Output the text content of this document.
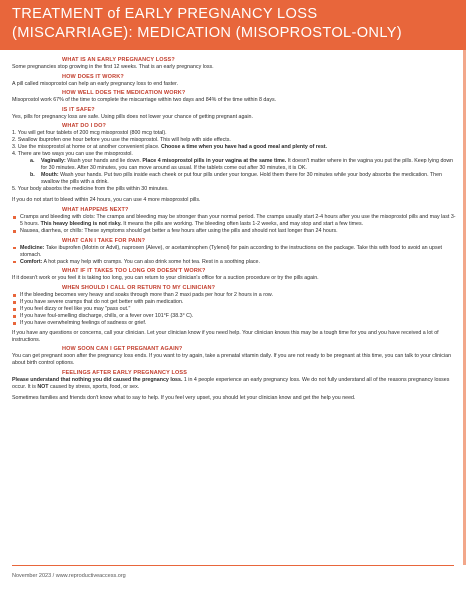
TREATMENT of EARLY PREGNANCY LOSS
(MISCARRIAGE): MEDICATION (MISOPROSTOL-ONLY)
WHAT IS AN EARLY PREGNANCY LOSS?
Some pregnancies stop growing in the first 12 weeks. That is an early pregnancy loss.
HOW DOES IT WORK?
A pill called misoprostol can help an early pregnancy loss to end faster.
HOW WELL DOES THE MEDICATION WORK?
Misoprostol work 67% of the time to complete the miscarriage within two days and 84% of the time within 8 days.
IS IT SAFE?
Yes, pills for pregnancy loss are safe. Using pills does not lower your chance of getting pregnant again.
WHAT DO I DO?
1. You will get four tablets of 200 mcg misoprostol (800 mcg total).
2. Swallow ibuprofen one hour before you use the misoprostol. This will help with side effects.
3. Use the misoprostol at home or at another convenient place. Choose a time when you have had a good meal and plenty of rest.
4. There are two ways you can use the misoprostol.
a.	Vaginally: Wash your hands and lie down. Place 4 misoprostol pills in your vagina at the same time. It doesn't matter where in the vagina you put the pills. Keep lying down for 30 minutes. After 30 minutes, you can move around as usual. If the tablets come out after 30 minutes, it is OK.
b.	Mouth: Wash your hands. Put two pills inside each cheek or put four pills under your tongue. Hold them there for 30 minutes while your body absorbs the medication. Then swallow the pills with a drink.
5. Your body absorbs the medicine from the pills within 30 minutes.
If you do not start to bleed within 24 hours, you can use 4 more misoprostol pills.
WHAT HAPPENS NEXT?
Cramps and bleeding with clots: The cramps and bleeding may be stronger than your normal period. The cramps usually start 2-4 hours after you use the misoprostol pills and may last 3-5 hours. This heavy bleeding is not risky. It means the pills are working. The bleeding often lasts 1-2 weeks, and may stop and start a few times.
Nausea, diarrhea, or chills: These symptoms should get better a few hours after using the pills and should not last longer than 24 hours.
WHAT CAN I TAKE FOR PAIN?
Medicine: Take ibuprofen (Motrin or Advil), naproxen (Aleve), or acetaminophen (Tylenol) for pain according to the instructions on the package. Take this with food to avoid an upset stomach.
Comfort: A hot pack may help with cramps. You can also drink some hot tea. Rest in a soothing place.
WHAT IF IT TAKES TOO LONG OR DOESN'T WORK?
If it doesn't work or you feel it is taking too long, you can return to your clinician's office for a suction procedure or try the pills again.
WHEN SHOULD I CALL OR RETURN TO MY CLINICIAN?
If the bleeding becomes very heavy and soaks through more than 2 maxi pads per hour for 2 hours in a row.
If you have severe cramps that do not get better with pain medication.
If you feel dizzy or feel like you may "pass out."
If you have foul-smelling discharge, chills, or a fever over 101°F (38.3° C).
If you have overwhelming feelings of sadness or grief.
If you have any questions or concerns, call your clinician. Let your clinician know if you need help. Your clinician knows this may be a tough time for you and you have received a lot of instructions.
HOW SOON CAN I GET PREGNANT AGAIN?
You can get pregnant soon after the pregnancy loss ends. If you want to try again, take a prenatal vitamin daily. If you are not ready to be pregnant at this time, you can talk to your clinician about birth control options.
FEELINGS AFTER EARLY PREGNANCY LOSS
Please understand that nothing you did caused the pregnancy loss. 1 in 4 people experience an early pregnancy loss. We do not fully understand all of the reasons pregnancy losses occur. It is NOT caused by stress, sports, food, or sex.
Sometimes families and friends don't know what to say to help. If you feel very upset, you should let your clinician know and get the help you need.
November 2023 / www.reproductiveaccess.org
